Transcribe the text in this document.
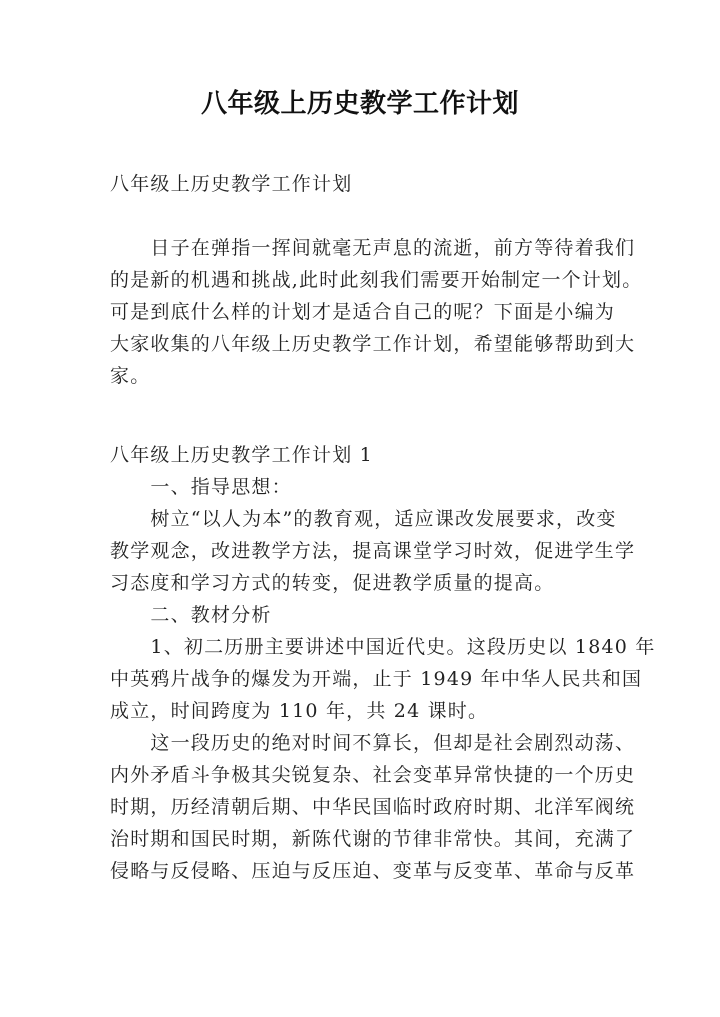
八年级上历史教学工作计划
八年级上历史教学工作计划
　　日子在弹指一挥间就毫无声息的流逝，前方等待着我们
的是新的机遇和挑战,此时此刻我们需要开始制定一个计划。
可是到底什么样的计划才是适合自己的呢？下面是小编为
大家收集的八年级上历史教学工作计划，希望能够帮助到大
家。
八年级上历史教学工作计划 1
　　一、指导思想：
　　树立“以人为本”的教育观，适应课改发展要求，改变
教学观念，改进教学方法，提高课堂学习时效，促进学生学
习态度和学习方式的转变，促进教学质量的提高。
　　二、教材分析
　　1、初二历册主要讲述中国近代史。这段历史以 1840 年
中英鸦片战争的爆发为开端，止于 1949 年中华人民共和国
成立，时间跨度为 110 年，共 24 课时。
　　这一段历史的绝对时间不算长，但却是社会剧烈动荡、
内外矛盾斗争极其尖锐复杂、社会变革异常快捷的一个历史
时期，历经清朝后期、中华民国临时政府时期、北洋军阀统
治时期和国民时期，新陈代谢的节律非常快。其间，充满了
侵略与反侵略、压迫与反压迫、变革与反变革、革命与反革
